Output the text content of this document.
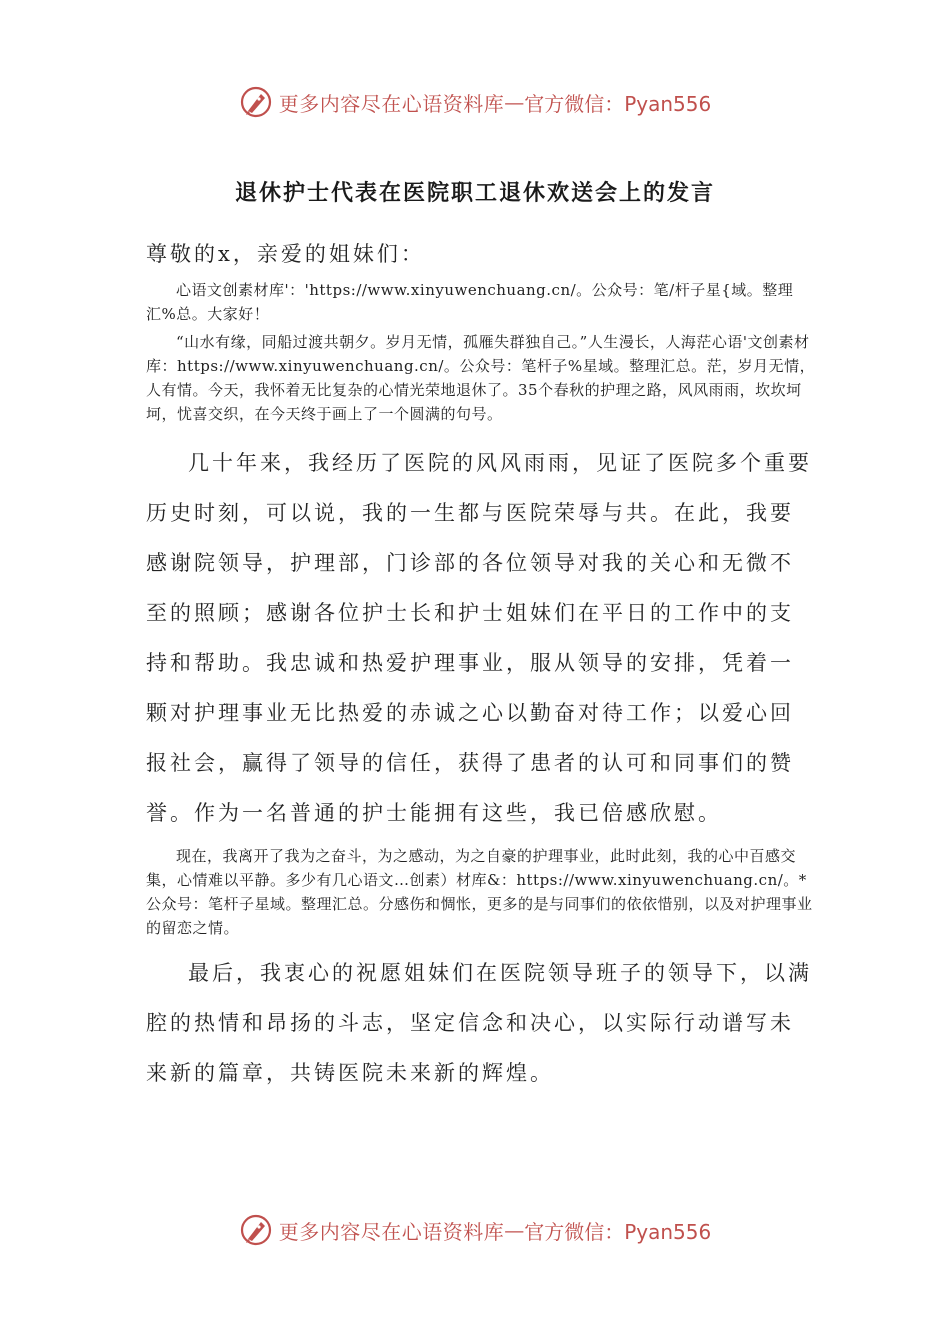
更多内容尽在心语资料库 — 官方微信：Pyan556
退休护士代表在医院职工退休欢送会上的发言

尊敬的x，亲爱的姐妹们：

心语文创素材库'：'https://www.xinyuwenchuang.cn/。公众号：笔/杆子星{域。整理汇%总。大家好！

“山水有缘，同船过渡共朝夕。岁月无情，孤雁失群独自己。”人生漫长，人海茫心语'文创素材库：https://www.xinyuwenchuang.cn/。公众号：笔杆子%星域。整理汇总。茫，岁月无情，人有情。今天，我怀着无比复杂的心情光荣地退休了。35个春秋的护理之路，风风雨雨，坎坎坷坷，忧喜交织，在今天终于画上了一个圆满的句号。

几十年来，我经历了医院的风风雨雨，见证了医院多个重要历史时刻，可以说，我的一生都与医院荣辱与共。在此，我要感谢院领导，护理部，门诊部的各位领导对我的关心和无微不至的照顾；感谢各位护士长和护士姐妹们在平日的工作中的支持和帮助。我忠诚和热爱护理事业，服从领导的安排，凭着一颗对护理事业无比热爱的赤诚之心以勤奋对待工作；以爱心回报社会，赢得了领导的信任，获得了患者的认可和同事们的赞誉。作为一名普通的护士能拥有这些，我已倍感欣慰。

现在，我离开了我为之奋斗，为之感动，为之自豪的护理事业，此时此刻，我的心中百感交集，心情难以平静。多少有几心语文…创素）材库&：https://www.xinyuwenchuang.cn/。*公众号：笔杆子星域。整理汇总。分感伤和惆怅，更多的是与同事们的依依惜别，以及对护理事业的留恋之情。

最后，我衷心的祝愿姐妹们在医院领导班子的领导下，以满腔的热情和昂扬的斗志，坚定信念和决心，以实际行动谱写未来新的篇章，共铸医院未来新的辉煌。

更多内容尽在心语资料库 — 官方微信：Pyan556
